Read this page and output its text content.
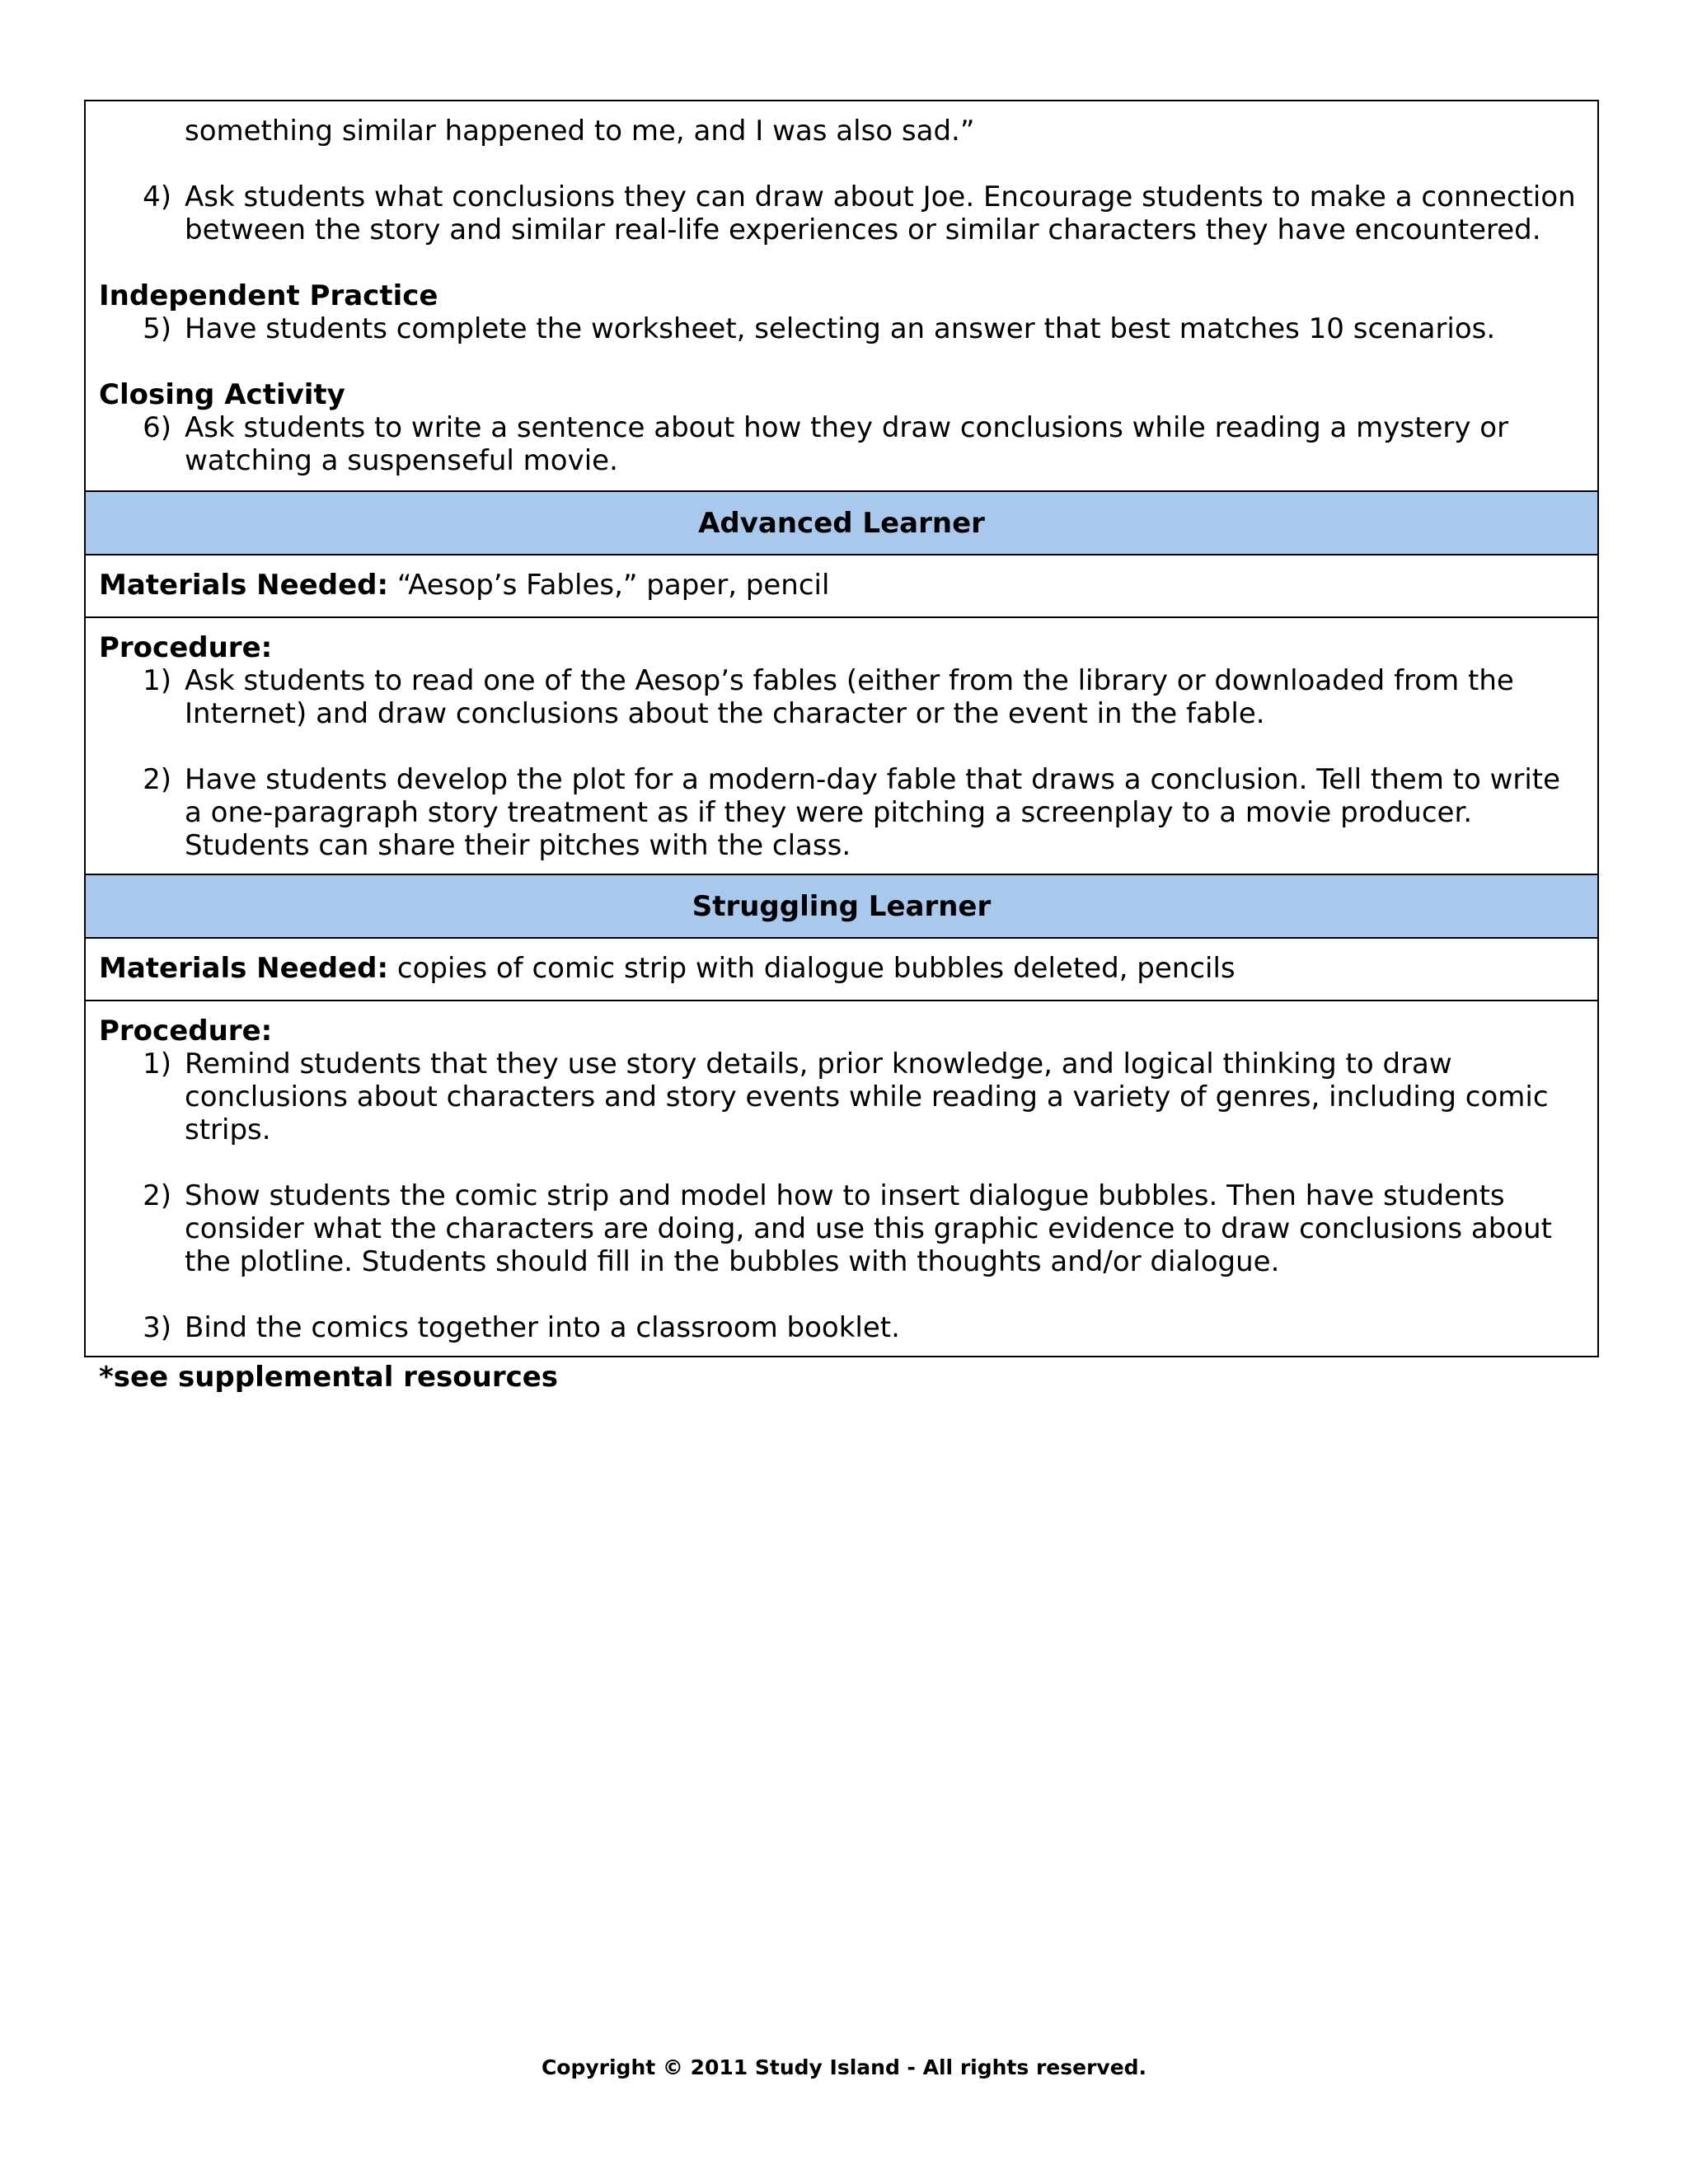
something similar happened to me, and I was also sad.”

4) Ask students what conclusions they can draw about Joe. Encourage students to make a connection between the story and similar real-life experiences or similar characters they have encountered.

Independent Practice

5) Have students complete the worksheet, selecting an answer that best matches 10 scenarios.

Closing Activity

6) Ask students to write a sentence about how they draw conclusions while reading a mystery or watching a suspenseful movie.
Advanced Learner
Materials Needed: “Aesop’s Fables,” paper, pencil

Procedure:

1) Ask students to read one of the Aesop’s fables (either from the library or downloaded from the Internet) and draw conclusions about the character or the event in the fable.
2) Have students develop the plot for a modern-day fable that draws a conclusion. Tell them to write a one-paragraph story treatment as if they were pitching a screenplay to a movie producer. Students can share their pitches with the class.
Struggling Learner
Materials Needed: copies of comic strip with dialogue bubbles deleted, pencils

Procedure:

1) Remind students that they use story details, prior knowledge, and logical thinking to draw conclusions about characters and story events while reading a variety of genres, including comic strips.
2) Show students the comic strip and model how to insert dialogue bubbles. Then have students consider what the characters are doing, and use this graphic evidence to draw conclusions about the plotline. Students should fill in the bubbles with thoughts and/or dialogue.
3) Bind the comics together into a classroom booklet.
*see supplemental resources
Copyright © 2011 Study Island - All rights reserved.
